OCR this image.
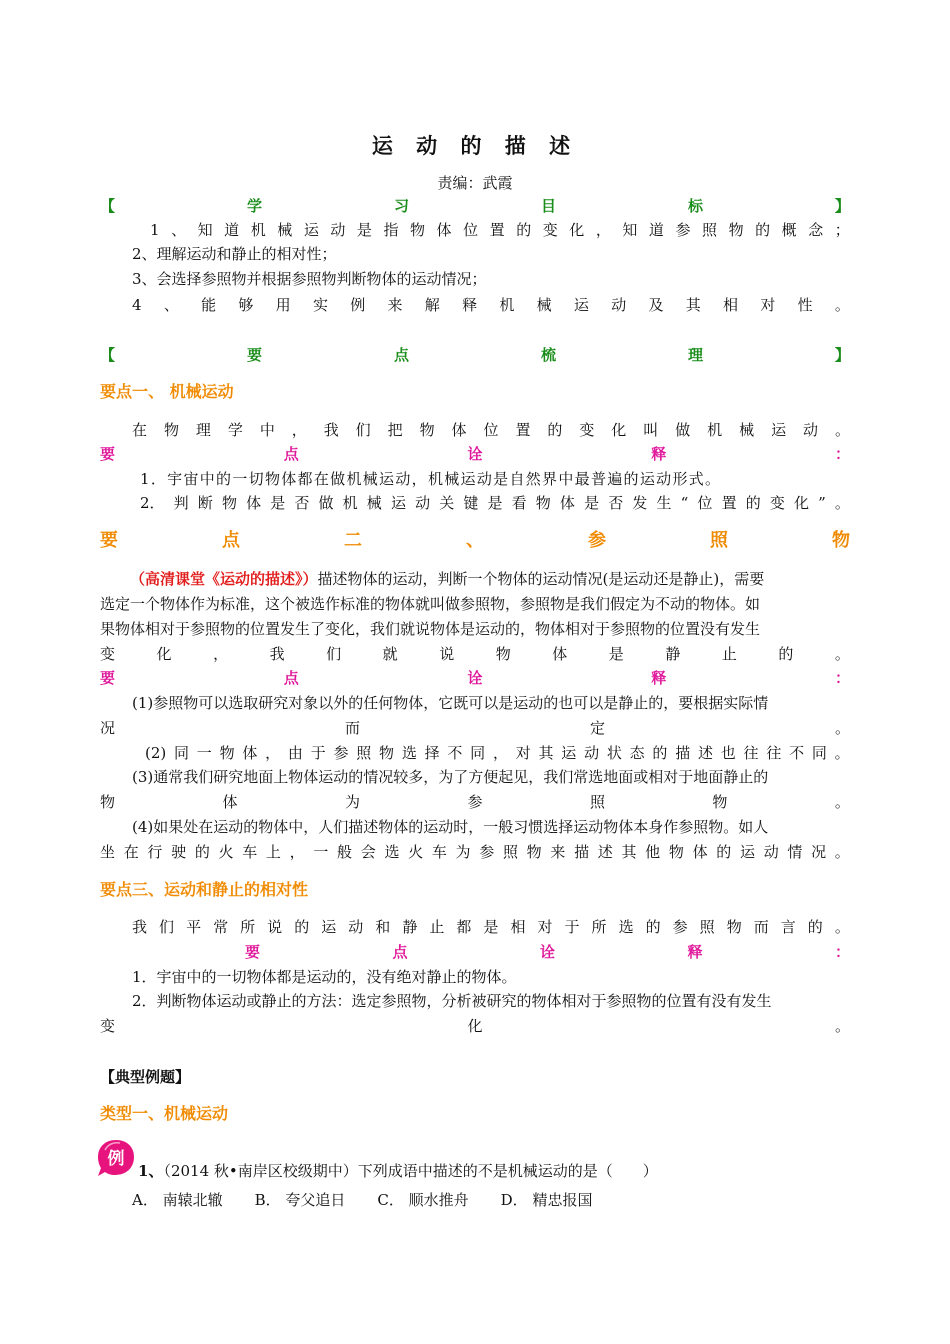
运 动 的 描 述
责编：武霞
【	学	习	目	标	】
1 、 知 道 机 械 运 动 是 指 物 体 位 置 的 变 化 ， 知 道 参 照 物 的 概 念 ；
2、理解运动和静止的相对性；
3、会选择参照物并根据参照物判断物体的运动情况；
4 、 能 够 用 实 例 来 解 释 机 械 运 动 及 其 相 对 性 。
【	要	点	梳	理	】
要点一、 机械运动
在 物 理 学 中 ， 我 们 把 物 体 位 置 的 变 化 叫 做 机 械 运 动 。
要	点	诠	释	：
1．宇宙中的一切物体都在做机械运动，机械运动是自然界中最普遍的运动形式。
2． 判 断 物 体 是 否 做 机 械 运 动 关 键 是 看 物 体 是 否 发 生 “ 位 置 的 变 化 ” 。
要	点	二	、	参	照	物
（高清课堂《运动的描述》）描述物体的运动，判断一个物体的运动情况(是运动还是静止)，需要
选定一个物体作为标准，这个被选作标准的物体就叫做参照物，参照物是我们假定为不动的物体。如
果物体相对于参照物的位置发生了变化，我们就说物体是运动的，物体相对于参照物的位置没有发生
变	化	，	我	们	就	说	物	体	是	静	止	的	。
要	点	诠	释	：
(1)参照物可以选取研究对象以外的任何物体，它既可以是运动的也可以是静止的，要根据实际情
况	而	定	。
(2) 同 一 物 体 ， 由 于 参 照 物 选 择 不 同 ， 对 其 运 动 状 态 的 描 述 也 往 往 不 同 。
(3)通常我们研究地面上物体运动的情况较多，为了方便起见，我们常选地面或相对于地面静止的
物	体	为	参	照	物	。
(4)如果处在运动的物体中，人们描述物体的运动时，一般习惯选择运动物体本身作参照物。如人
坐 在 行 驶 的 火 车 上 ， 一 般 会 选 火 车 为 参 照 物 来 描 述 其 他 物 体 的 运 动 情 况 。
要点三、运动和静止的相对性
我 们 平 常 所 说 的 运 动 和 静 止 都 是 相 对 于 所 选 的 参 照 物 而 言 的 。
要	点	诠	释	：
1．宇宙中的一切物体都是运动的，没有绝对静止的物体。
2．判断物体运动或静止的方法：选定参照物，分析被研究的物体相对于参照物的位置有没有发生
变	化	。
【典型例题】
类型一、机械运动
例
1、（2014 秋•南岸区校级期中）下列成语中描述的不是机械运动的是（　　）
A． 南辕北辙 B． 夸父追日 C． 顺水推舟 D． 精忠报国
